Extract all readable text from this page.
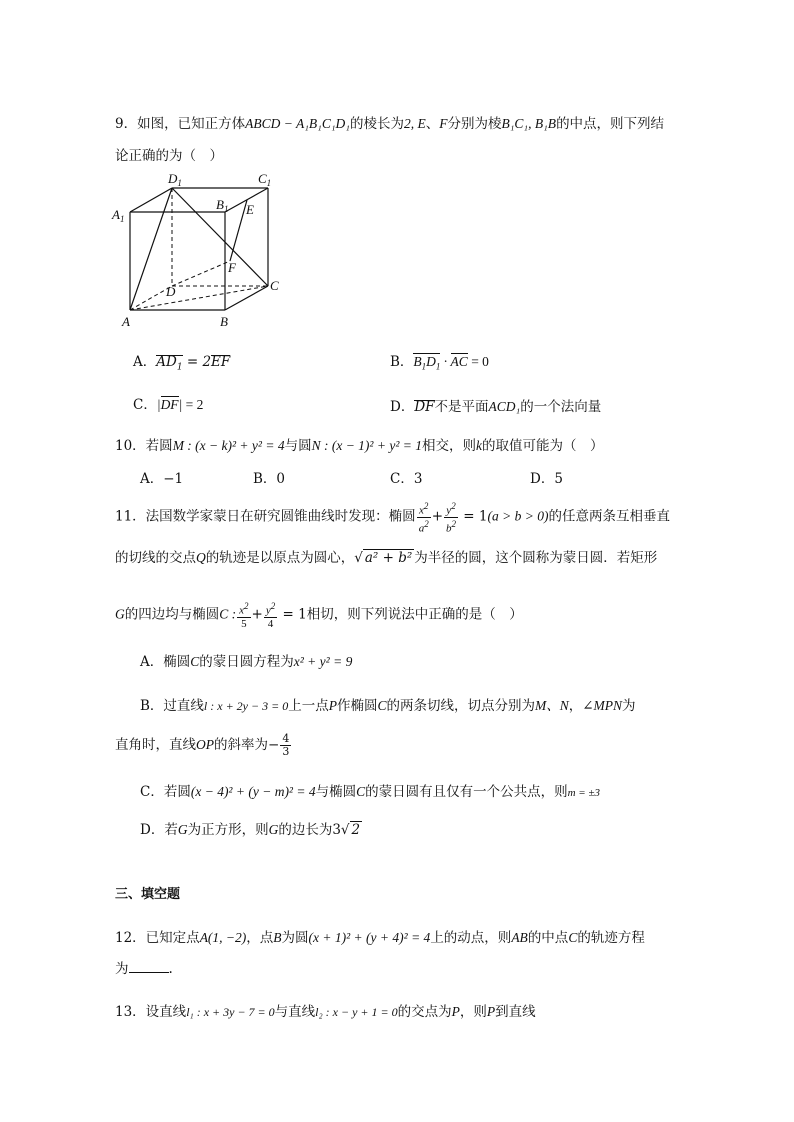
9．如图，已知正方体ABCD − A₁B₁C₁D₁的棱长为2, E、F分别为棱B₁C₁, B₁B的中点，则下列结
论正确的为（　）
$D_1$	$C_1$
$A_1$
$B_1$ E
F
D	C
A	B
A．$AD_1 = 2EF$	B．$B_1D_1$ · AC = 0
C．|DF| = 2	D．DF不是平面ACD₁的一个法向量
10．若圆M : (x − k)² + y² = 4与圆N : (x − 1)² + y² = 1相交，则k的取值可能为（　）
A．−1	B．0	C．3	D．5
11．法国数学家蒙日在研究圆锥曲线时发现：椭圆 $\frac{x^2}{a^2} + \frac{y^2}{b^2} = 1(a > b > 0)$的任意两条互相垂直
的切线的交点Q的轨迹是以原点为圆心，√ a² + b² 为半径的圆，这个圆称为蒙日圆．若矩形
G的四边均与椭圆C : $\frac{x^2}{5} + \frac{y^2}{4} = 1$相切，则下列说法中正确的是（　）
A．椭圆C的蒙日圆方程为x² + y² = 9
B．过直线l : x + 2y − 3 = 0上一点P作椭圆C的两条切线，切点分别为M、N，∠MPN为
直角时，直线OP的斜率为− $\frac{4}{3}$
C．若圆(x − 4)² + (y − m)² = 4与椭圆C的蒙日圆有且仅有一个公共点，则m = ±3
D．若G为正方形，则G的边长为3√ 2
三、填空题
12．已知定点A(1, −2)，点B为圆(x + 1)² + (y + 4)² = 4上的动点，则AB的中点C的轨迹方程
为	.
13．设直线l₁ : x + 3y − 7 = 0与直线l₂ : x − y + 1 = 0的交点为P，则P到直线
